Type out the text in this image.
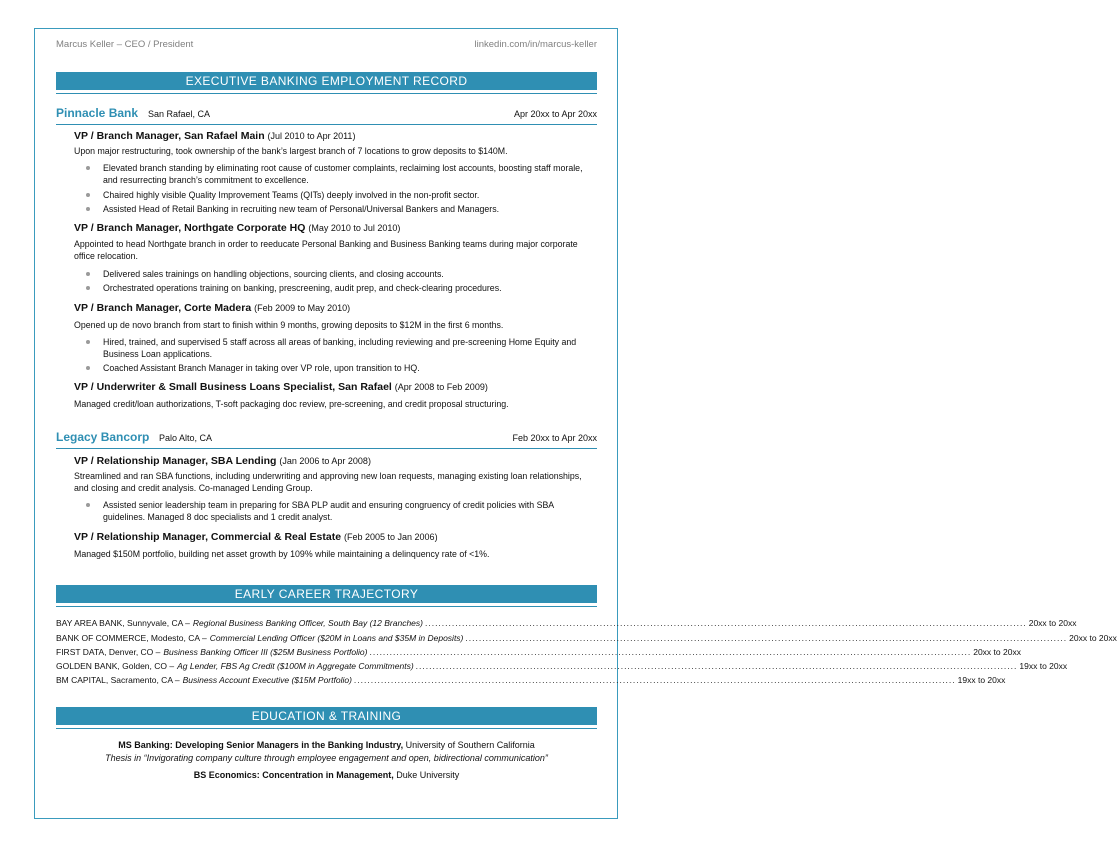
Marcus Keller – CEO / President	linkedin.com/in/marcus-keller
EXECUTIVE BANKING EMPLOYMENT RECORD
Pinnacle Bank San Rafael, CA	Apr 20xx to Apr 20xx
VP / Branch Manager, San Rafael Main (Jul 2010 to Apr 2011)
Upon major restructuring, took ownership of the bank’s largest branch of 7 locations to grow deposits to $140M.
Elevated branch standing by eliminating root cause of customer complaints, reclaiming lost accounts, boosting staff morale, and resurrecting branch’s commitment to excellence.
Chaired highly visible Quality Improvement Teams (QITs) deeply involved in the non-profit sector.
Assisted Head of Retail Banking in recruiting new team of Personal/Universal Bankers and Managers.
VP / Branch Manager, Northgate Corporate HQ (May 2010 to Jul 2010)
Appointed to head Northgate branch in order to reeducate Personal Banking and Business Banking teams during major corporate office relocation.
Delivered sales trainings on handling objections, sourcing clients, and closing accounts.
Orchestrated operations training on banking, prescreening, audit prep, and check-clearing procedures.
VP / Branch Manager, Corte Madera (Feb 2009 to May 2010)
Opened up de novo branch from start to finish within 9 months, growing deposits to $12M in the first 6 months.
Hired, trained, and supervised 5 staff across all areas of banking, including reviewing and pre-screening Home Equity and Business Loan applications.
Coached Assistant Branch Manager in taking over VP role, upon transition to HQ.
VP / Underwriter & Small Business Loans Specialist, San Rafael (Apr 2008 to Feb 2009)
Managed credit/loan authorizations, T-soft packaging doc review, pre-screening, and credit proposal structuring.
Legacy Bancorp Palo Alto, CA	Feb 20xx to Apr 20xx
VP / Relationship Manager, SBA Lending (Jan 2006 to Apr 2008)
Streamlined and ran SBA functions, including underwriting and approving new loan requests, managing existing loan relationships, and closing and credit analysis. Co-managed Lending Group.
Assisted senior leadership team in preparing for SBA PLP audit and ensuring congruency of credit policies with SBA guidelines. Managed 8 doc specialists and 1 credit analyst.
VP / Relationship Manager, Commercial & Real Estate (Feb 2005 to Jan 2006)
Managed $150M portfolio, building net asset growth by 109% while maintaining a delinquency rate of <1%.
EARLY CAREER TRAJECTORY
BAY AREA BANK, Sunnyvale, CA – Regional Business Banking Officer, South Bay (12 Branches) ................................................................................................................................................................................... 20xx to 20xx
BANK OF COMMERCE, Modesto, CA – Commercial Lending Officer ($20M in Loans and $35M in Deposits) ................................................................................................................................................................................... 20xx to 20xx
FIRST DATA, Denver, CO – Business Banking Officer III ($25M Business Portfolio) ................................................................................................................................................................................... 20xx to 20xx
GOLDEN BANK, Golden, CO – Ag Lender, FBS Ag Credit ($100M in Aggregate Commitments) ................................................................................................................................................................................... 19xx to 20xx
BM CAPITAL, Sacramento, CA – Business Account Executive ($15M Portfolio) ................................................................................................................................................................................... 19xx to 20xx
EDUCATION & TRAINING
MS Banking: Developing Senior Managers in the Banking Industry, University of Southern California
Thesis in “Invigorating company culture through employee engagement and open, bidirectional communication”
BS Economics: Concentration in Management, Duke University
